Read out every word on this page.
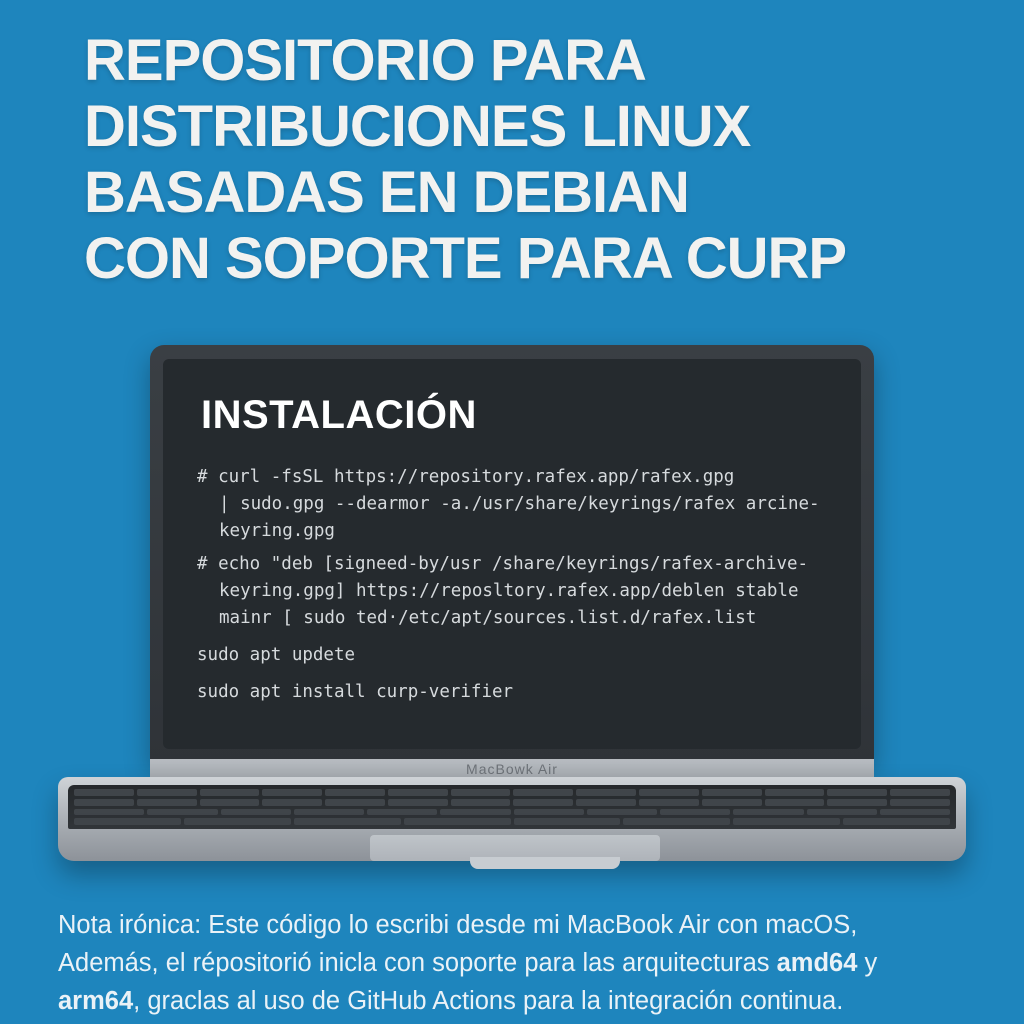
REPOSITORIO PARA
DISTRIBUCIONES LINUX
BASADAS EN DEBIAN
CON SOPORTE PARA CURP
INSTALACIÓN
# curl -fsSL https://repository.rafex.app/rafex.gpg
| sudo.gpg --dearmor -a./usr/share/keyrings/rafex arcine-
keyring.gpg
# echo "deb [signeed-by/usr /share/keyrings/rafex-archive-
keyring.gpg] https://reposltory.rafex.app/deblen stable
mainr [ sudo ted·/etc/apt/sources.list.d/rafex.list
sudo apt updete
sudo apt install curp-verifier
MacBowk Air
Nota irónica: Este código lo escribi desde mi MacBook Air con macOS,
Además, el répositorió inicla con soporte para las arquitecturas amd64 y
arm64, graclas al uso de GitHub Actions para la integración continua.
